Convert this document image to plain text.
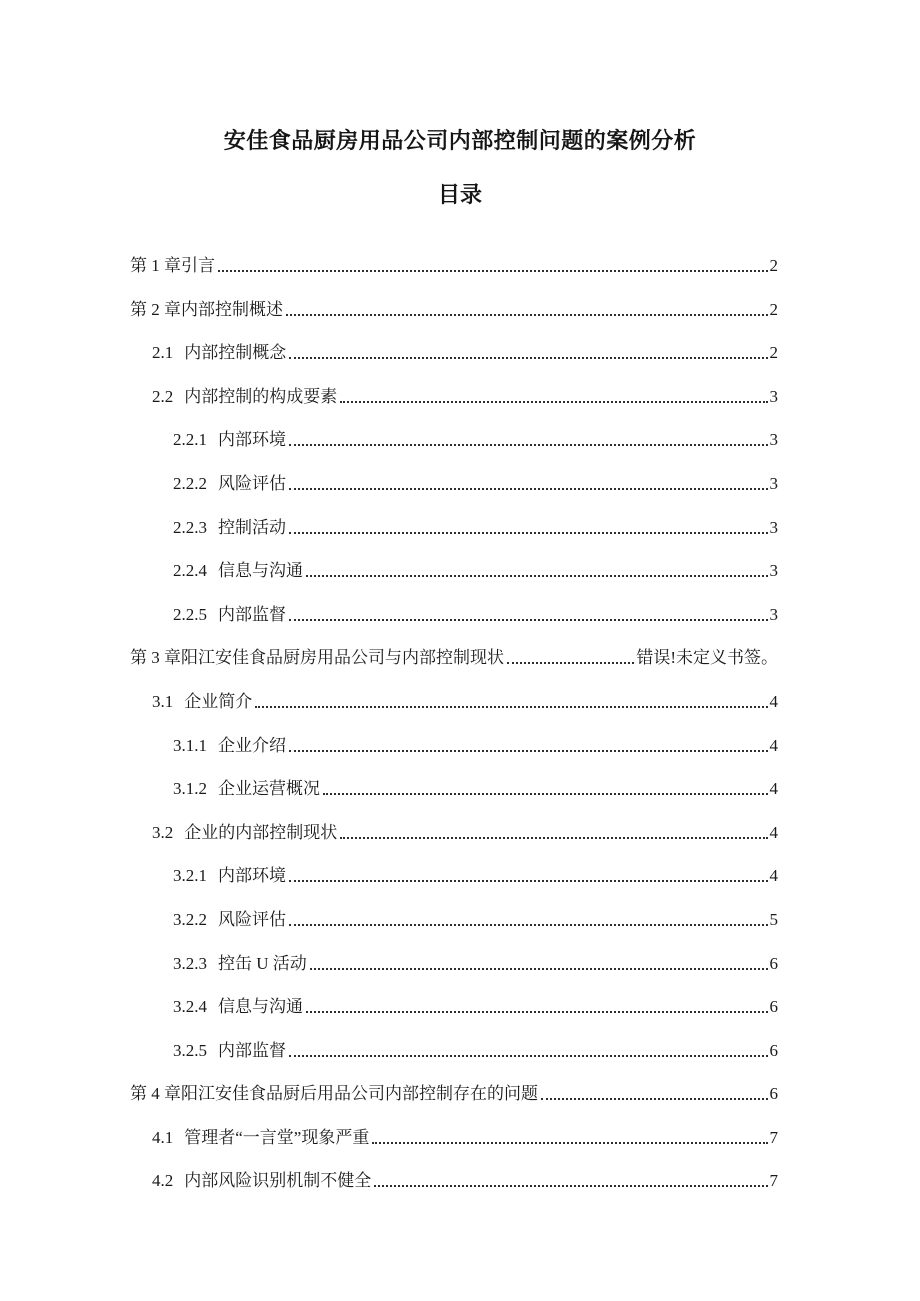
安佳食品厨房用品公司内部控制问题的案例分析
目录
第 1 章引言	2
第 2 章内部控制概述	2
2.1 内部控制概念	2
2.2 内部控制的构成要素	3
2.2.1 内部环境	3
2.2.2 风险评估	3
2.2.3 控制活动	3
2.2.4 信息与沟通	3
2.2.5 内部监督	3
第 3 章阳江安佳食品厨房用品公司与内部控制现状	错误!未定义书签。
3.1 企业简介	4
3.1.1 企业介绍	4
3.1.2 企业运营概况	4
3.2 企业的内部控制现状	4
3.2.1 内部环境	4
3.2.2 风险评估	5
3.2.3 控缶 U 活动	6
3.2.4 信息与沟通	6
3.2.5 内部监督	6
第 4 章阳江安佳食品厨后用品公司内部控制存在的问题	6
4.1 管理者“一言堂”现象严重	7
4.2 内部风险识别机制不健全	7
